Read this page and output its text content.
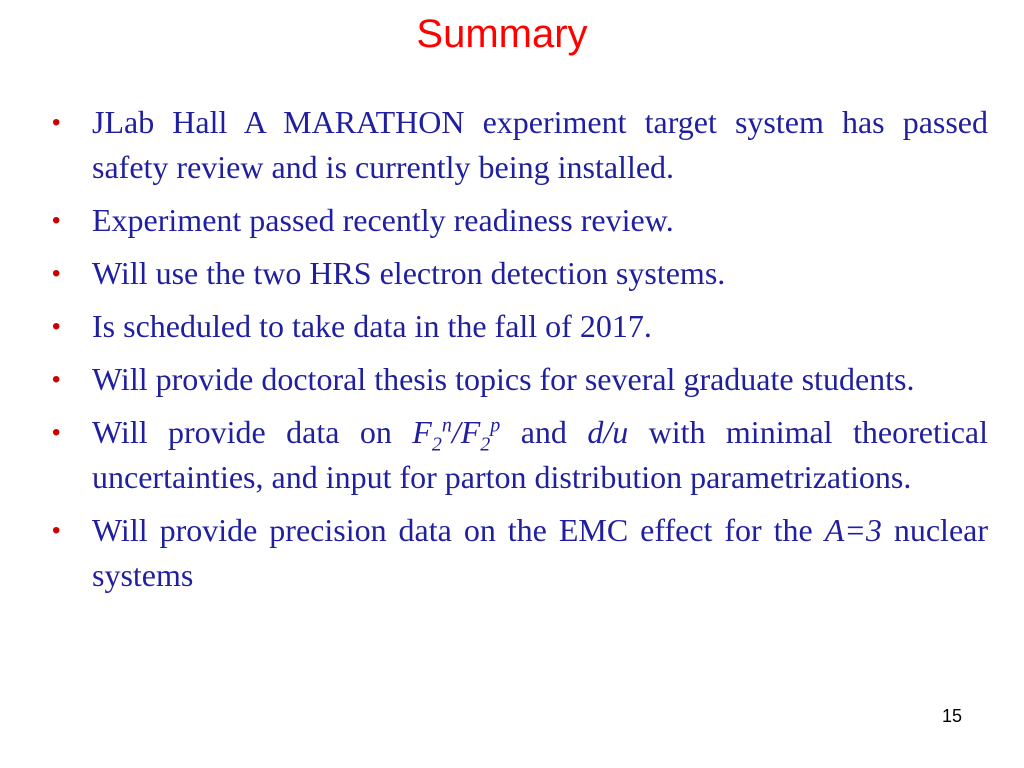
Summary
• JLab Hall A MARATHON experiment target system has passed safety review and is currently being installed.
• Experiment passed recently readiness review.
• Will use the two HRS electron detection systems.
• Is scheduled to take data in the fall of 2017.
• Will provide doctoral thesis topics for several graduate students.
• Will provide data on $F_2^n/F_2^p$ and d/u with minimal theoretical uncertainties, and input for parton distribution parametrizations.
• Will provide precision data on the EMC effect for the A=3 nuclear systems
15
